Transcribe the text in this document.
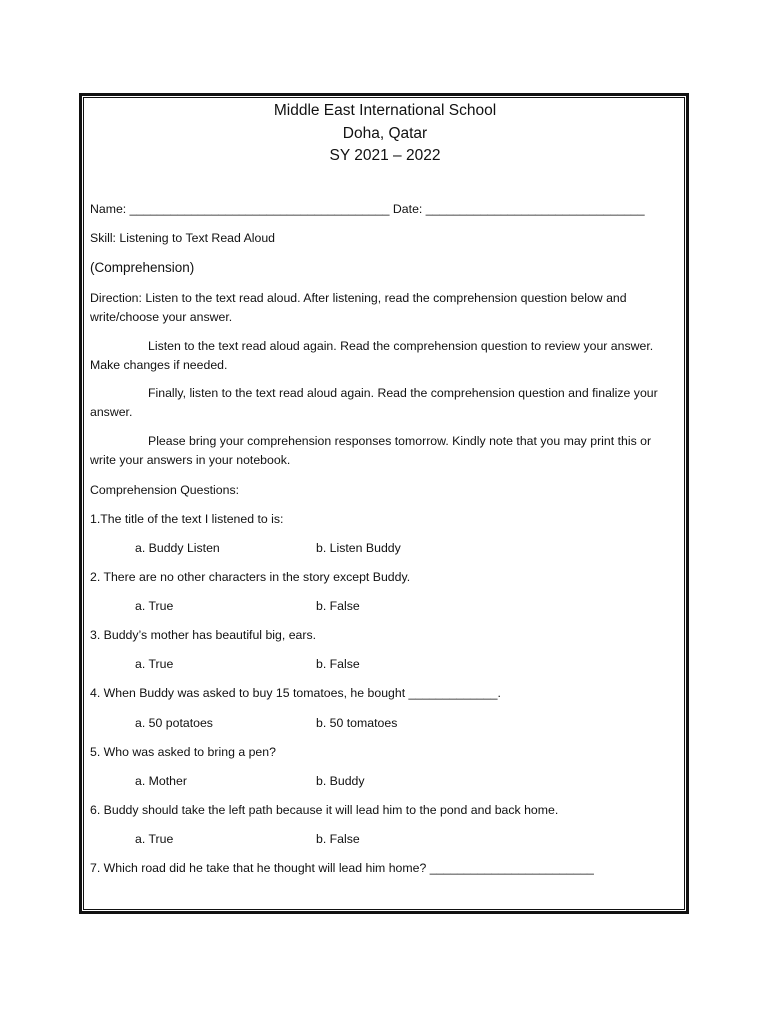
Middle East International School
Doha, Qatar
SY 2021 – 2022
Name: ______________________________________ Date: ________________________________
Skill: Listening to Text Read Aloud
(Comprehension)
Direction: Listen to the text read aloud. After listening, read the comprehension question below and write/choose your answer.
Listen to the text read aloud again. Read the comprehension question to review your answer. Make changes if needed.
Finally, listen to the text read aloud again. Read the comprehension question and finalize your answer.
Please bring your comprehension responses tomorrow. Kindly note that you may print this or write your answers in your notebook.
Comprehension Questions:
1.The title of the text I listened to is:
a. Buddy Listen	b. Listen Buddy
2. There are no other characters in the story except Buddy.
a. True	b. False
3. Buddy’s mother has beautiful big, ears.
a. True	b. False
4. When Buddy was asked to buy 15 tomatoes, he bought _____________.
a. 50 potatoes	b. 50 tomatoes
5. Who was asked to bring a pen?
a. Mother	b. Buddy
6. Buddy should take the left path because it will lead him to the pond and back home.
a. True	b. False
7. Which road did he take that he thought will lead him home? ________________________
